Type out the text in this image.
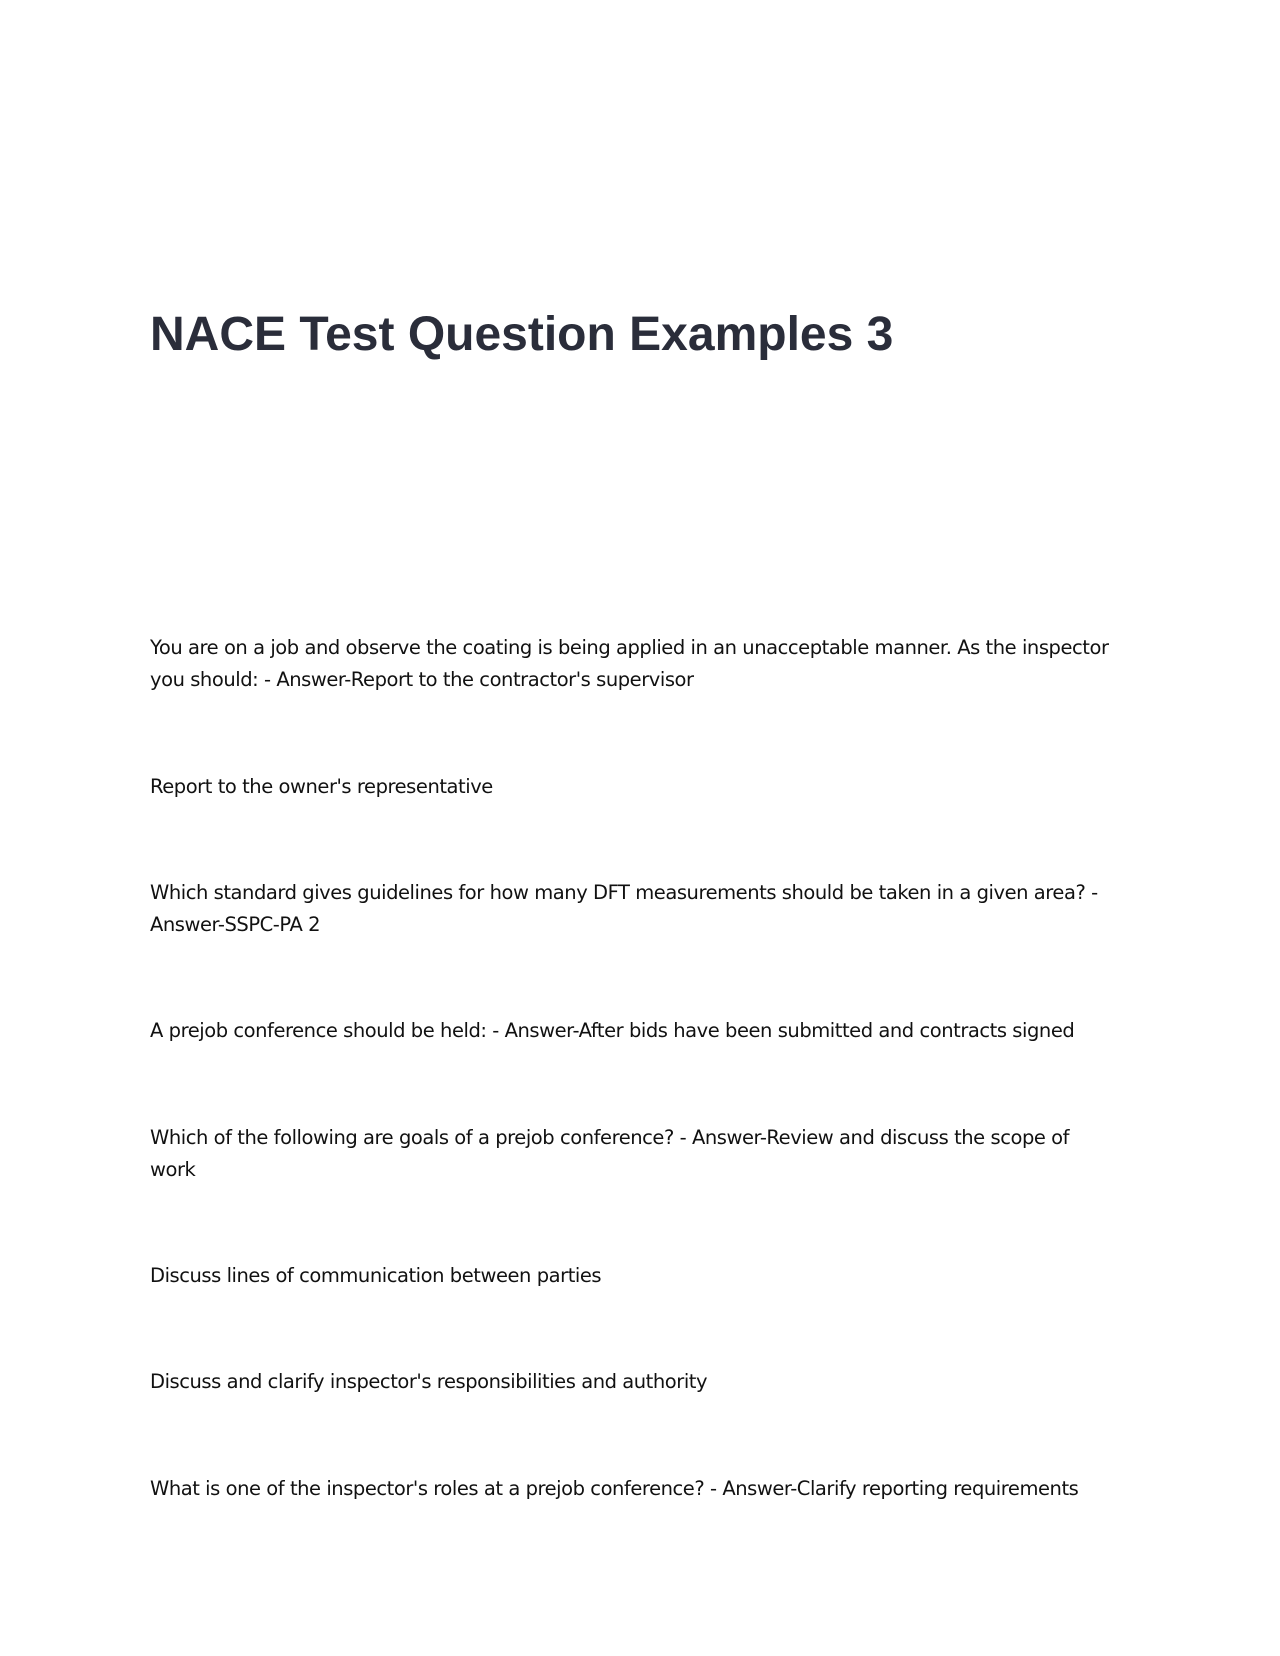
NACE Test Question Examples 3

You are on a job and observe the coating is being applied in an unacceptable manner. As the inspector you should: - Answer-Report to the contractor's supervisor

Report to the owner's representative

Which standard gives guidelines for how many DFT measurements should be taken in a given area? - Answer-SSPC-PA 2

A prejob conference should be held: - Answer-After bids have been submitted and contracts signed

Which of the following are goals of a prejob conference? - Answer-Review and discuss the scope of work

Discuss lines of communication between parties

Discuss and clarify inspector's responsibilities and authority

What is one of the inspector's roles at a prejob conference? - Answer-Clarify reporting requirements
